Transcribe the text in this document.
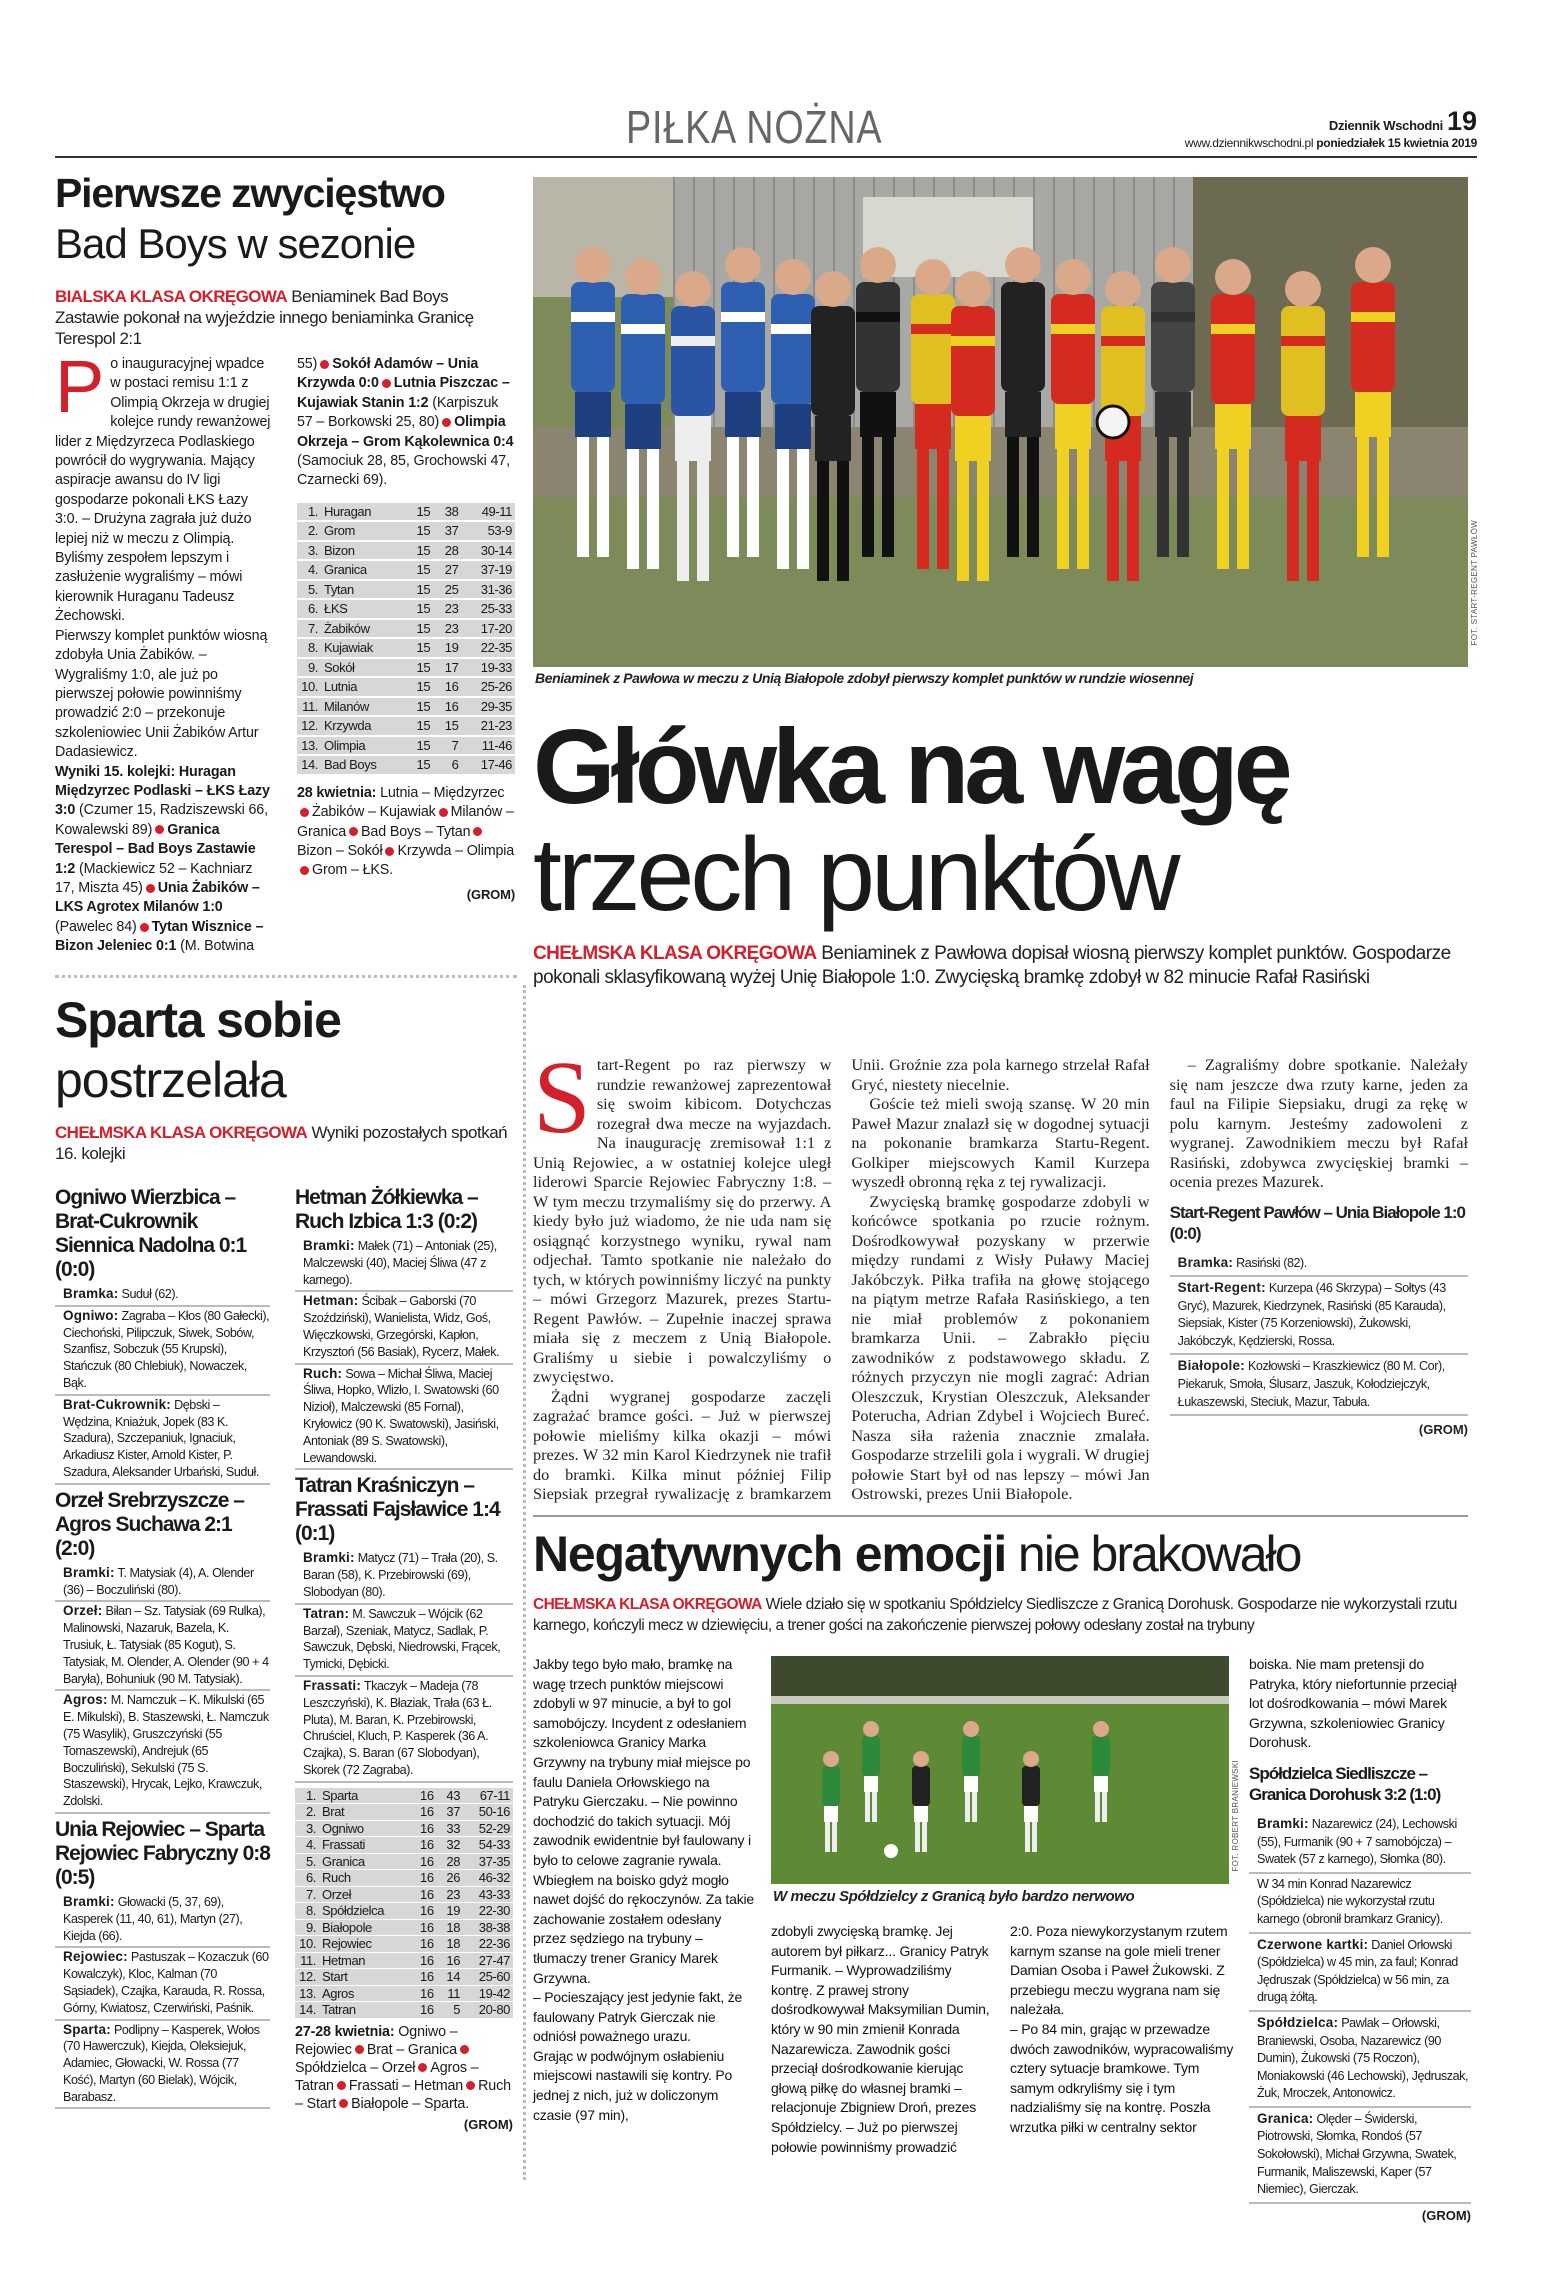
PIŁKA NOŻNA	Dziennik Wschodni 19
www.dziennikwschodni.pl poniedziałek 15 kwietnia 2019
Pierwsze zwycięstwo
Bad Boys w sezonie
BIALSKA KLASA OKRĘGOWA Beniaminek Bad Boys Zastawie pokonał na wyjeździe innego beniaminka Granicę Terespol 2:1
P o inauguracyjnej wpadce w postaci remisu 1:1 z Olimpią Okrzeja w drugiej kolejce rundy rewanżowej lider z Międzyrzeca Podlaskiego powrócił do wygrywania. Mający aspiracje awansu do IV ligi gospodarze pokonali ŁKS Łazy 3:0. – Drużyna zagrała już dużo lepiej niż w meczu z Olimpią. Byliśmy zespołem lepszym i zasłużenie wygraliśmy – mówi kierownik Huraganu Tadeusz Żechowski.

Pierwszy komplet punktów wiosną zdobyła Unia Żabików. – Wygraliśmy 1:0, ale już po pierwszej połowie powinniśmy prowadzić 2:0 – przekonuje szkoleniowiec Unii Żabików Artur Dadasiewicz.

Wyniki 15. kolejki: Huragan Międzyrzec Podlaski – ŁKS Łazy 3:0 (Czumer 15, Radziszewski 66, Kowalewski 89) Granica Terespol – Bad Boys Zastawie 1:2 (Mackiewicz 52 – Kachniarz 17, Miszta 45) Unia Żabików – LKS Agrotex Milanów 1:0 (Pawelec 84) Tytan Wisznice – Bizon Jeleniec 0:1 (M. Botwina 55) Sokół Adamów – Unia Krzywda 0:0 Lutnia Piszczac – Kujawiak Stanin 1:2 (Karpiszuk 57 – Borkowski 25, 80) Olimpia Okrzeja – Grom Kąkolewnica 0:4 (Samociuk 28, 85, Grochowski 47, Czarnecki 69).

1.	Huragan	15	38	49-11
2.	Grom	15	37	53-9
3.	Bizon	15	28	30-14
4.	Granica	15	27	37-19
5.	Tytan	15	25	31-36
6.	ŁKS	15	23	25-33
7.	Żabików	15	23	17-20
8.	Kujawiak	15	19	22-35
9.	Sokół	15	17	19-33
10.	Lutnia	15	16	25-26
11.	Milanów	15	16	29-35
12.	Krzywda	15	15	21-23
13.	Olimpia	15	7	11-46
14.	Bad Boys	15	6	17-46

28 kwietnia: Lutnia – MiędzyrzecŻabików – Kujawiak Milanów – Granica Bad Boys – TytanBizon – Sokół Krzywda – OlimpiaGrom – ŁKS.

(GROM)
Sparta sobie
postrzelała
CHEŁMSKA KLASA OKRĘGOWA Wyniki pozostałych spotkań 16. kolejki
Ogniwo Wierzbica – Brat-Cukrownik Siennica Nadolna 0:1 (0:0)
Bramka: Suduł (62).
Ogniwo: Zagraba – Kłos (80 Gałecki), Ciechoński, Pilipczuk, Siwek, Sobów, Szanfisz, Sobczuk (55 Krupski), Stańczuk (80 Chlebiuk), Nowaczek, Bąk.
Brat-Cukrownik: Dębski – Wędzina, Kniażuk, Jopek (83 K. Szadura), Szczepaniuk, Ignaciuk, Arkadiusz Kister, Arnold Kister, P. Szadura, Aleksander Urbański, Suduł.
Orzeł Srebrzyszcze – Agros Suchawa 2:1 (2:0)
Bramki: T. Matysiak (4), A. Olender (36) – Boczuliński (80).
Orzeł: Biłan – Sz. Tatysiak (69 Rulka), Malinowski, Nazaruk, Bazela, K. Trusiuk, Ł. Tatysiak (85 Kogut), S. Tatysiak, M. Olender, A. Olender (90 + 4 Baryła), Bohuniuk (90 M. Tatysiak).
Agros: M. Namczuk – K. Mikulski (65 E. Mikulski), B. Staszewski, Ł. Namczuk (75 Wasylik), Gruszczyński (55 Tomaszewski), Andrejuk (65 Boczuliński), Sekulski (75 S. Staszewski), Hrycak, Lejko, Krawczuk, Zdolski.
Unia Rejowiec – Sparta Rejowiec Fabryczny 0:8 (0:5)
Bramki: Głowacki (5, 37, 69), Kasperek (11, 40, 61), Martyn (27), Kiejda (66).
Rejowiec: Pastuszak – Kozaczuk (60 Kowalczyk), Kloc, Kalman (70 Sąsiadek), Czajka, Karauda, R. Rossa, Górny, Kwiatosz, Czerwiński, Paśnik.
Sparta: Podlipny – Kasperek, Wołos (70 Hawerczuk), Kiejda, Oleksiejuk, Adamiec, Głowacki, W. Rossa (77 Kość), Martyn (60 Bielak), Wójcik, Barabasz.
Hetman Żółkiewka – Ruch Izbica 1:3 (0:2)
Bramki: Małek (71) – Antoniak (25), Malczewski (40), Maciej Śliwa (47 z karnego).
Hetman: Ścibak – Gaborski (70 Szoździński), Wanielista, Widz, Goś, Więczkowski, Grzegórski, Kapłon, Krzysztoń (56 Basiak), Rycerz, Małek.
Ruch: Sowa – Michał Śliwa, Maciej Śliwa, Hopko, Wlizło, I. Swatowski (60 Nizioł), Malczewski (85 Fornal), Kryłowicz (90 K. Swatowski), Jasiński, Antoniak (89 S. Swatowski), Lewandowski.
Tatran Kraśniczyn – Frassati Fajsławice 1:4 (0:1)
Bramki: Matycz (71) – Trała (20), S. Baran (58), K. Przebirowski (69), Slobodyan (80).
Tatran: M. Sawczuk – Wójcik (62 Barzał), Szeniak, Matycz, Sadlak, P. Sawczuk, Dębski, Niedrowski, Frącek, Tymicki, Dębicki.
Frassati: Tkaczyk – Madeja (78 Leszczyński), K. Błaziak, Trała (63 Ł. Pluta), M. Baran, K. Przebirowski, Chruściel, Kluch, P. Kasperek (36 A. Czajka), S. Baran (67 Slobodyan), Skorek (72 Zagraba).
1.	Sparta	16	43	67-11
2.	Brat	16	37	50-16
3.	Ogniwo	16	33	52-29
4.	Frassati	16	32	54-33
5.	Granica	16	28	37-35
6.	Ruch	16	26	46-32
7.	Orzeł	16	23	43-33
8.	Spółdzielca	16	19	22-30
9.	Białopole	16	18	38-38
10.	Rejowiec	16	18	22-36
11.	Hetman	16	16	27-47
12.	Start	16	14	25-60
13.	Agros	16	11	19-42
14.	Tatran	16	5	20-80

27-28 kwietnia: Ogniwo – Rejowiec Brat – GranicaSpółdzielca – Orzeł Agros – Tatran Frassati – Hetman Ruch – Start Białopole – Sparta.

(GROM)
FOT. START-REGENT PAWŁÓW
Beniaminek z Pawłowa w meczu z Unią Białopole zdobył pierwszy komplet punktów w rundzie wiosennej
Główka na wagę
trzech punktów
CHEŁMSKA KLASA OKRĘGOWA Beniaminek z Pawłowa dopisał wiosną pierwszy komplet punktów. Gospodarze pokonali sklasyfikowaną wyżej Unię Białopole 1:0. Zwycięską bramkę zdobył w 82 minucie Rafał Rasiński
S tart-Regent po raz pierwszy w rundzie rewanżowej zaprezentował się swoim kibicom. Dotychczas rozegrał dwa mecze na wyjazdach. Na inaugurację zremisował 1:1 z Unią Rejowiec, a w ostatniej kolejce uległ liderowi Sparcie Rejowiec Fabryczny 1:8. – W tym meczu trzymaliśmy się do przerwy. A kiedy było już wiadomo, że nie uda nam się osiągnąć korzystnego wyniku, rywal nam odjechał. Tamto spotkanie nie należało do tych, w których powinniśmy liczyć na punkty – mówi Grzegorz Mazurek, prezes Startu-Regent Pawłów. – Zupełnie inaczej sprawa miała się z meczem z Unią Białopole. Graliśmy u siebie i powalczyliśmy o zwycięstwo.

Żądni wygranej gospodarze zaczęli zagrażać bramce gości. – Już w pierwszej połowie mieliśmy kilka okazji – mówi prezes. W 32 min Karol Kiedrzynek nie trafił do bramki. Kilka minut później Filip Siepsiak przegrał rywalizację z bramkarzem Unii. Groźnie zza pola karnego strzelał Rafał Gryć, niestety niecelnie.

Goście też mieli swoją szansę. W 20 min Paweł Mazur znalazł się w dogodnej sytuacji na pokonanie bramkarza Startu-Regent. Golkiper miejscowych Kamil Kurzepa wyszedł obronną ręka z tej rywalizacji.

Zwycięską bramkę gospodarze zdobyli w końcówce spotkania po rzucie rożnym. Dośrodkowywał pozyskany w przerwie między rundami z Wisły Puławy Maciej Jakóbczyk. Piłka trafiła na głowę stojącego na piątym metrze Rafała Rasińskiego, a ten nie miał problemów z pokonaniem bramkarza Unii. – Zabrakło pięciu zawodników z podstawowego składu. Z różnych przyczyn nie mogli zagrać: Adrian Oleszczuk, Krystian Oleszczuk, Aleksander Poterucha, Adrian Zdybel i Wojciech Bureć. Nasza siła rażenia znacznie zmalała. Gospodarze strzelili gola i wygrali. W drugiej połowie Start był od nas lepszy – mówi Jan Ostrowski, prezes Unii Białopole.

– Zagraliśmy dobre spotkanie. Należały się nam jeszcze dwa rzuty karne, jeden za faul na Filipie Siepsiaku, drugi za rękę w polu karnym. Jesteśmy zadowoleni z wygranej. Zawodnikiem meczu był Rafał Rasiński, zdobywca zwycięskiej bramki – ocenia prezes Mazurek.

Start-Regent Pawłów – Unia Białopole 1:0 (0:0)
Bramka: Rasiński (82).
Start-Regent: Kurzepa (46 Skrzypa) – Sołtys (43 Gryć), Mazurek, Kiedrzynek, Rasiński (85 Karauda), Siepsiak, Kister (75 Korzeniowski), Żukowski, Jakóbczyk, Kędzierski, Rossa.
Białopole: Kozłowski – Kraszkiewicz (80 M. Cor), Piekaruk, Smoła, Ślusarz, Jaszuk, Kołodziejczyk, Łukaszewski, Steciuk, Mazur, Tabuła.
(GROM)
Negatywnych emocji nie brakowało
CHEŁMSKA KLASA OKRĘGOWA Wiele działo się w spotkaniu Spółdzielcy Siedliszcze z Granicą Dorohusk. Gospodarze nie wykorzystali rzutu karnego, kończyli mecz w dziewięciu, a trener gości na zakończenie pierwszej połowy odesłany został na trybuny

Jakby tego było mało, bramkę na wagę trzech punktów miejscowi zdobyli w 97 minucie, a był to gol samobójczy. Incydent z odesłaniem szkoleniowca Granicy Marka Grzywny na trybuny miał miejsce po faulu Daniela Orłowskiego na Patryku Gierczaku. – Nie powinno dochodzić do takich sytuacji. Mój zawodnik ewidentnie był faulowany i było to celowe zagranie rywala. Wbiegłem na boisko gdyż mogło nawet dojść do rękoczynów. Za takie zachowanie zostałem odesłany przez sędziego na trybuny – tłumaczy trener Granicy Marek Grzywna.

– Pocieszający jest jedynie fakt, że faulowany Patryk Gierczak nie odniósł poważnego urazu.

Grając w podwójnym osłabieniu miejscowi nastawili się kontry. Po jednej z nich, już w doliczonym czasie (97 min),

FOT. ROBERT BRANIEWSKI
W meczu Spółdzielcy z Granicą było bardzo nerwowo

zdobyli zwycięską bramkę. Jej autorem był piłkarz... Granicy Patryk Furmanik. – Wyprowadziliśmy kontrę. Z prawej strony dośrodkowywał Maksymilian Dumin, który w 90 min zmienił Konrada Nazarewicza. Zawodnik gości przeciął dośrodkowanie kierując głową piłkę do własnej bramki – relacjonuje Zbigniew Droń, prezes Spółdzielcy. – Już po pierwszej połowie powinniśmy prowadzić

2:0. Poza niewykorzystanym rzutem karnym szanse na gole mieli trener Damian Osoba i Paweł Żukowski. Z przebiegu meczu wygrana nam się należała.

– Po 84 min, grając w przewadze dwóch zawodników, wypracowaliśmy cztery sytuacje bramkowe. Tym samym odkryliśmy się i tym nadzialiśmy się na kontrę. Poszła wrzutka piłki w centralny sektor

boiska. Nie mam pretensji do Patryka, który niefortunnie przeciął lot dośrodkowania – mówi Marek Grzywna, szkoleniowiec Granicy Dorohusk.

Spółdzielca Siedliszcze – Granica Dorohusk 3:2 (1:0)
Bramki: Nazarewicz (24), Lechowski (55), Furmanik (90 + 7 samobójcza) – Swatek (57 z karnego), Słomka (80).
W 34 min Konrad Nazarewicz (Spółdzielca) nie wykorzystał rzutu karnego (obronił bramkarz Granicy).
Czerwone kartki: Daniel Orłowski (Spółdzielca) w 45 min, za faul; Konrad Jędruszak (Spółdzielca) w 56 min, za drugą żółtą.
Spółdzielca: Pawlak – Orłowski, Braniewski, Osoba, Nazarewicz (90 Dumin), Żukowski (75 Roczon), Moniakowski (46 Lechowski), Jędruszak, Żuk, Mroczek, Antonowicz.
Granica: Olęder – Świderski, Piotrowski, Słomka, Rondoś (57 Sokołowski), Michał Grzywna, Swatek, Furmanik, Maliszewski, Kaper (57 Niemiec), Gierczak.
(GROM)
